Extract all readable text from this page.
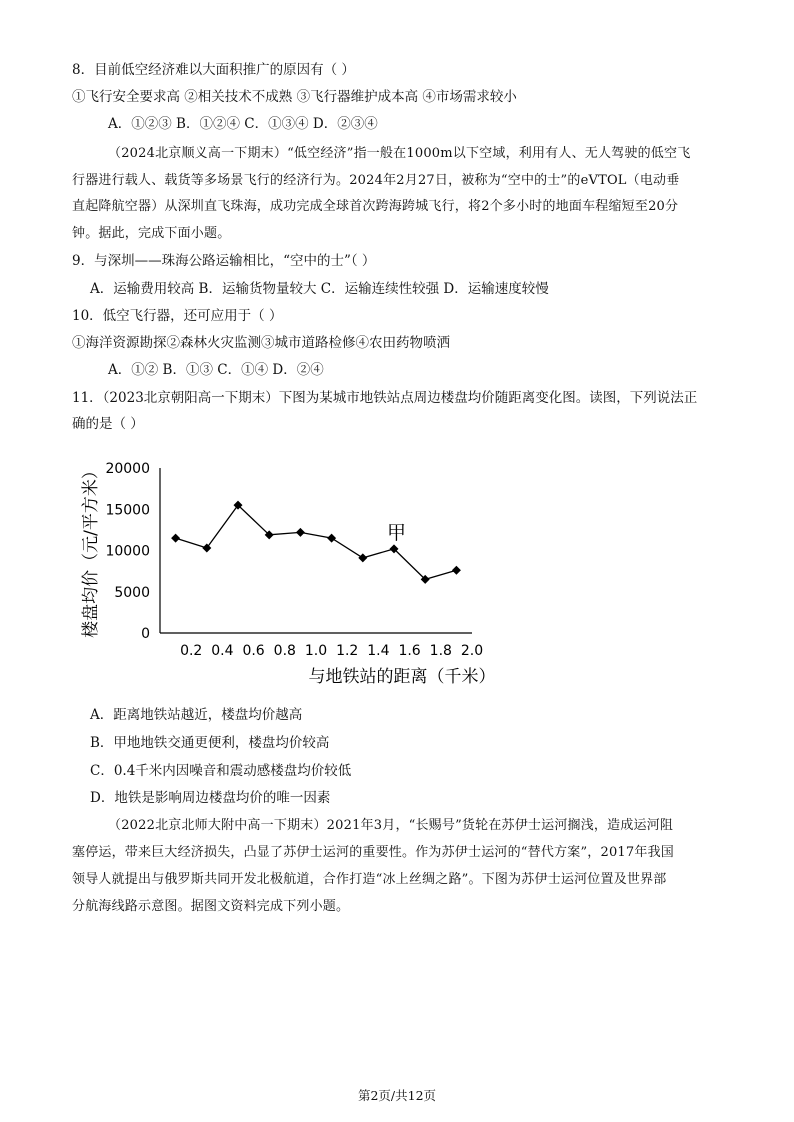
8．目前低空经济难以大面积推广的原因有（ ）
①飞行安全要求高 ②相关技术不成熟 ③飞行器维护成本高 ④市场需求较小
A．①②③ B．①②④ C．①③④ D．②③④
（2024北京顺义高一下期末）“低空经济”指一般在1000m以下空域，利用有人、无人驾驶的低空飞
行器进行载人、载货等多场景飞行的经济行为。2024年2月27日，被称为“空中的士”的eVTOL（电动垂
直起降航空器）从深圳直飞珠海，成功完成全球首次跨海跨城飞行，将2个多小时的地面车程缩短至20分
钟。据此，完成下面小题。
9．与深圳——珠海公路运输相比，“空中的士”（ ）
A．运输费用较高 B．运输货物量较大 C．运输连续性较强 D．运输速度较慢
10．低空飞行器，还可应用于（ ）
①海洋资源勘探②森林火灾监测③城市道路检修④农田药物喷洒
A．①② B．①③ C．①④ D．②④
11．（2023北京朝阳高一下期末）下图为某城市地铁站点周边楼盘均价随距离变化图。读图，下列说法正
确的是（ ）
0
5000
10000
15000
20000
0.2 0.4 0.6 0.8 1.0 1.2 1.4 1.6 1.8 2.0
甲
楼盘均价（元/平方米）
与地铁站的距离（千米）
A．距离地铁站越近，楼盘均价越高
B．甲地地铁交通更便利，楼盘均价较高
C．0.4千米内因噪音和震动感楼盘均价较低
D．地铁是影响周边楼盘均价的唯一因素
（2022北京北师大附中高一下期末）2021年3月，“长赐号”货轮在苏伊士运河搁浅，造成运河阻
塞停运，带来巨大经济损失，凸显了苏伊士运河的重要性。作为苏伊士运河的“替代方案”，2017年我国
领导人就提出与俄罗斯共同开发北极航道，合作打造“冰上丝绸之路”。下图为苏伊士运河位置及世界部
分航海线路示意图。据图文资料完成下列小题。
第2页/共12页
